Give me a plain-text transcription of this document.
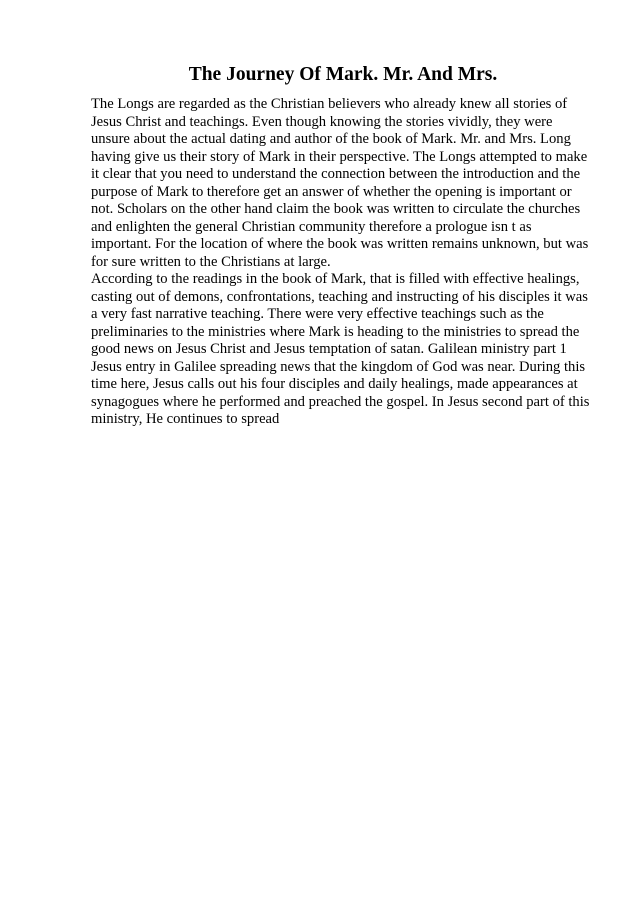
The Journey Of Mark. Mr. And Mrs.
The Longs are regarded as the Christian believers who already knew all stories of
Jesus Christ and teachings. Even though knowing the stories vividly, they were
unsure about the actual dating and author of the book of Mark. Mr. and Mrs. Long
having give us their story of Mark in their perspective. The Longs attempted to make
it clear that you need to understand the connection between the introduction and the
purpose of Mark to therefore get an answer of whether the opening is important or
not. Scholars on the other hand claim the book was written to circulate the churches
and enlighten the general Christian community therefore a prologue isn t as
important. For the location of where the book was written remains unknown, but was
for sure written to the Christians at large.
According to the readings in the book of Mark, that is filled with effective healings,
casting out of demons, confrontations, teaching and instructing of his disciples it was
a very fast narrative teaching. There were very effective teachings such as the
preliminaries to the ministries where Mark is heading to the ministries to spread the
good news on Jesus Christ and Jesus temptation of satan. Galilean ministry part 1
Jesus entry in Galilee spreading news that the kingdom of God was near. During this
time here, Jesus calls out his four disciples and daily healings, made appearances at
synagogues where he performed and preached the gospel. In Jesus second part of this
ministry, He continues to spread
